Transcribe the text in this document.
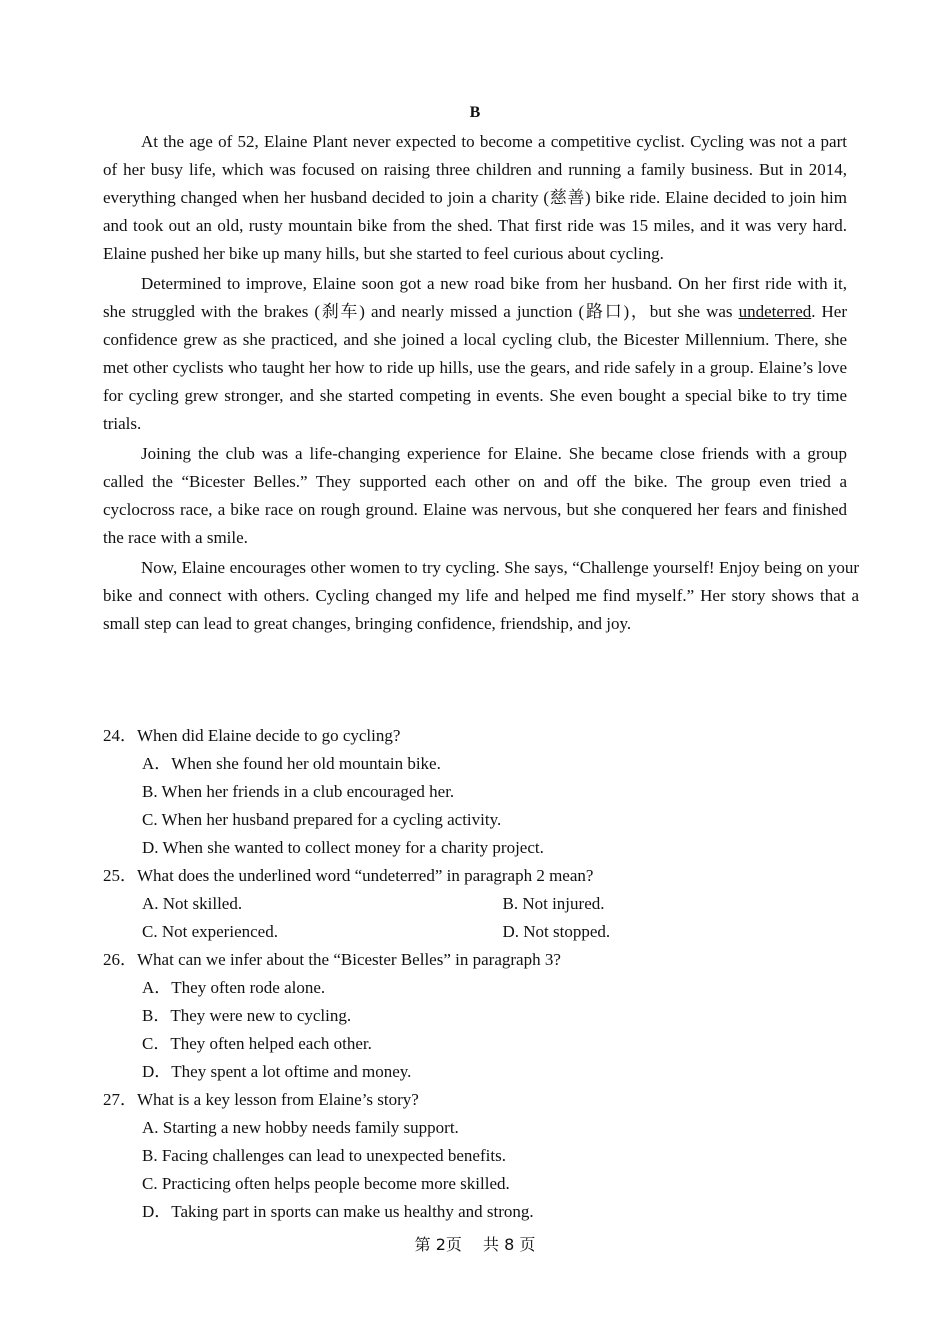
B

At the age of 52, Elaine Plant never expected to become a competitive cyclist. Cycling was not a part of her busy life, which was focused on raising three children and running a family business. But in 2014, everything changed when her husband decided to join a charity (慈善) bike ride. Elaine decided to join him and took out an old, rusty mountain bike from the shed. That first ride was 15 miles, and it was very hard. Elaine pushed her bike up many hills, but she started to feel curious about cycling.

Determined to improve, Elaine soon got a new road bike from her husband. On her first ride with it, she struggled with the brakes (刹车) and nearly missed a junction (路口)，but she was undeterred. Her confidence grew as she practiced, and she joined a local cycling club, the Bicester Millennium. There, she met other cyclists who taught her how to ride up hills, use the gears, and ride safely in a group. Elaine’s love for cycling grew stronger, and she started competing in events. She even bought a special bike to try time trials.

Joining the club was a life-changing experience for Elaine. She became close friends with a group called the “Bicester Belles.” They supported each other on and off the bike. The group even tried a cyclocross race, a bike race on rough ground. Elaine was nervous, but she conquered her fears and finished the race with a smile.

Now, Elaine encourages other women to try cycling. She says, “Challenge yourself! Enjoy being on your bike and connect with others. Cycling changed my life and helped me find myself.” Her story shows that a small step can lead to great changes, bringing confidence, friendship, and joy.

24．When did Elaine decide to go cycling?

A．When she found her old mountain bike.

B. When her friends in a club encouraged her.

C. When her husband prepared for a cycling activity.

D. When she wanted to collect money for a charity project.

25．What does the underlined word “undeterred” in paragraph 2 mean?

A. Not skilled.	B. Not injured.
C. Not experienced.	D. Not stopped.

26．What can we infer about the “Bicester Belles” in paragraph 3?

A．They often rode alone.

B．They were new to cycling.

C．They often helped each other.

D．They spent a lot oftime and money.

27．What is a key lesson from Elaine’s story?

A. Starting a new hobby needs family support.

B. Facing challenges can lead to unexpected benefits.

C. Practicing often helps people become more skilled.

D．Taking part in sports can make us healthy and strong.

第 2页　 共 8 页
